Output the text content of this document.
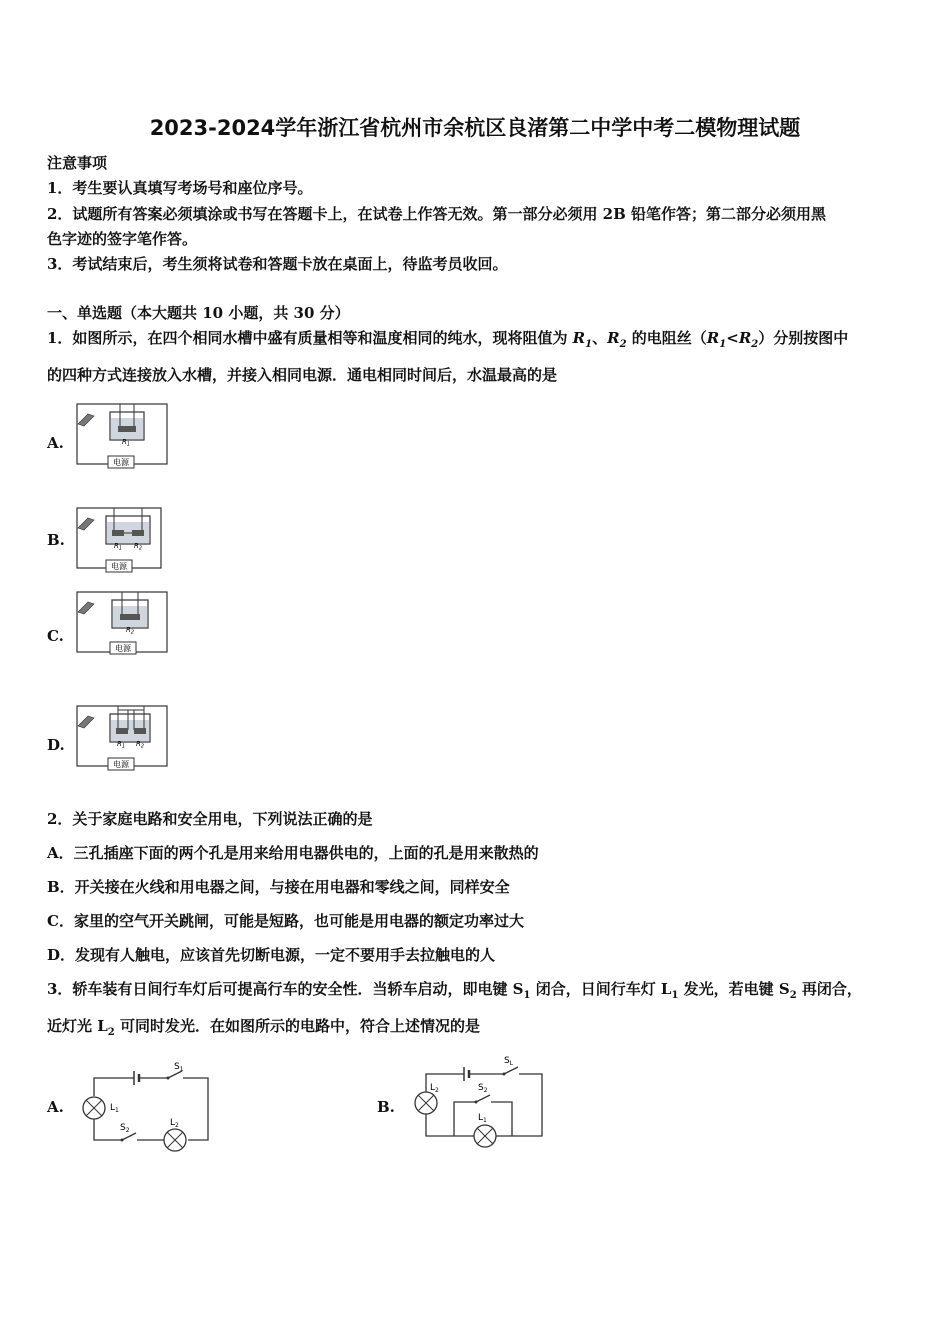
2023-2024学年浙江省杭州市余杭区良渚第二中学中考二模物理试题
注意事项
1．考生要认真填写考场号和座位序号。
2．试题所有答案必须填涂或书写在答题卡上，在试卷上作答无效。第一部分必须用 2B 铅笔作答；第二部分必须用黑
色字迹的签字笔作答。
3．考试结束后，考生须将试卷和答题卡放在桌面上，待监考员收回。
一、单选题（本大题共 10 小题，共 30 分）
1．如图所示，在四个相同水槽中盛有质量相等和温度相同的纯水，现将阻值为 $R_1$、$R_2$ 的电阻丝$(R_1<R_2)$分别按图中
的四种方式连接放入水槽，并接入相同电源．通电相同时间后，水温最高的是
A.	$R_1$
电源
B.	$R_1$ $R_2$
电源
C.	$R_2$
电源
D.	$R_1$ $R_2$
电源
2．关于家庭电路和安全用电，下列说法正确的是
A．三孔插座下面的两个孔是用来给用电器供电的，上面的孔是用来散热的
B．开关接在火线和用电器之间，与接在用电器和零线之间，同样安全
C．家里的空气开关跳闸，可能是短路，也可能是用电器的额定功率过大
D．发现有人触电，应该首先切断电源，一定不要用手去拉触电的人
3．轿车装有日间行车灯后可提高行车的安全性．当轿车启动，即电键 $S_1$ 闭合，日间行车灯 $L_1$ 发光，若电键 $S_2$ 再闭合，
近灯光 $L_2$ 可同时发光．在如图所示的电路中，符合上述情况的是
A.
$S_1$
$L_1$
$S_2$
$L_2$
B.
$S_L$
$L_2$
$L_1$
$S_2$
